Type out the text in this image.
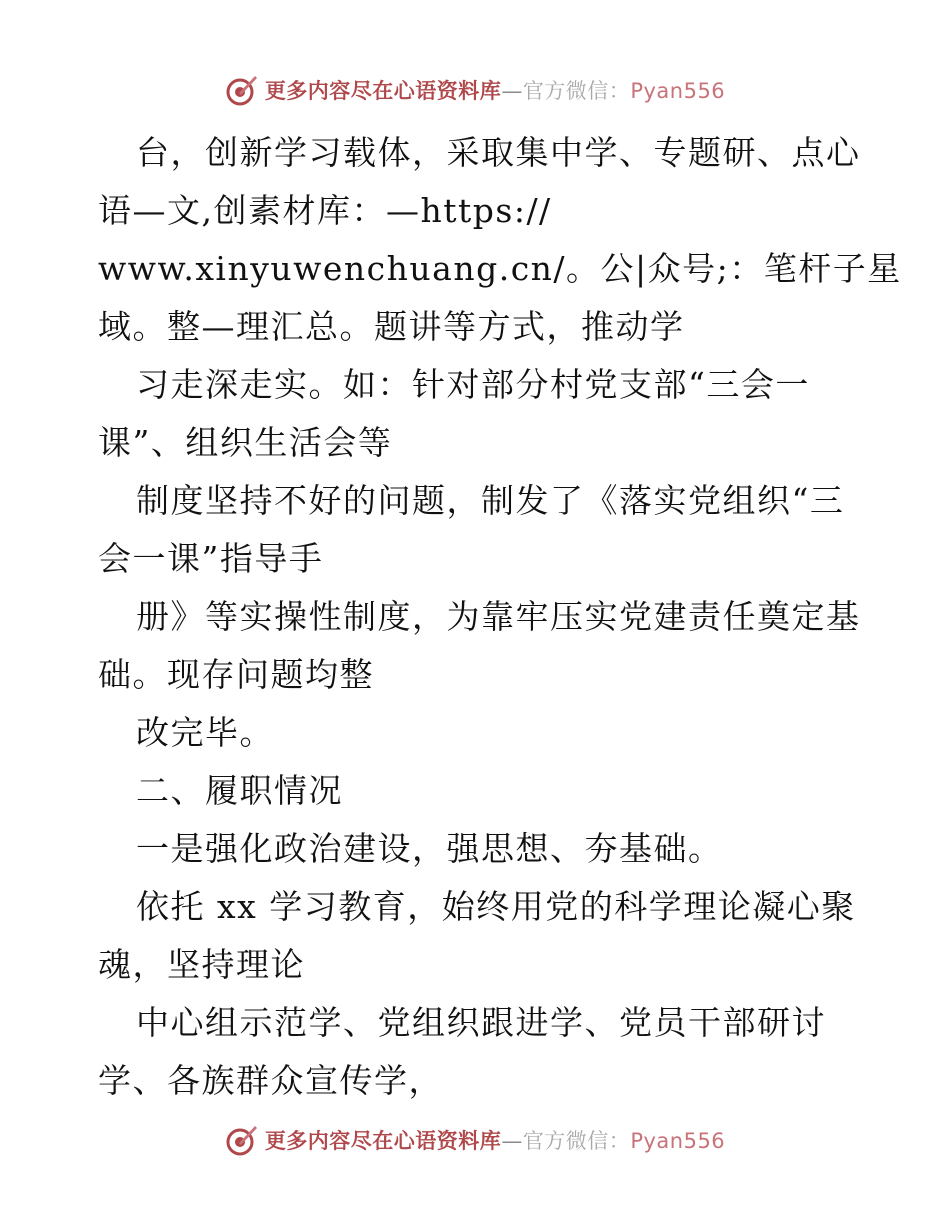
更多内容尽在心语资料库—官方微信：Pyan556
台，创新学习载体，采取集中学、专题研、点心
语—文,创素材库：—https://
www.xinyuwenchuang.cn/。公|众号;：笔杆子星
域。整—理汇总。题讲等方式，推动学
习走深走实。如：针对部分村党支部“三会一
课”、组织生活会等
制度坚持不好的问题，制发了《落实党组织“三
会一课”指导手
册》等实操性制度，为靠牢压实党建责任奠定基
础。现存问题均整
改完毕。
二、履职情况
一是强化政治建设，强思想、夯基础。
依托 xx 学习教育，始终用党的科学理论凝心聚
魂，坚持理论
中心组示范学、党组织跟进学、党员干部研讨
学、各族群众宣传学，
更多内容尽在心语资料库—官方微信：Pyan556
